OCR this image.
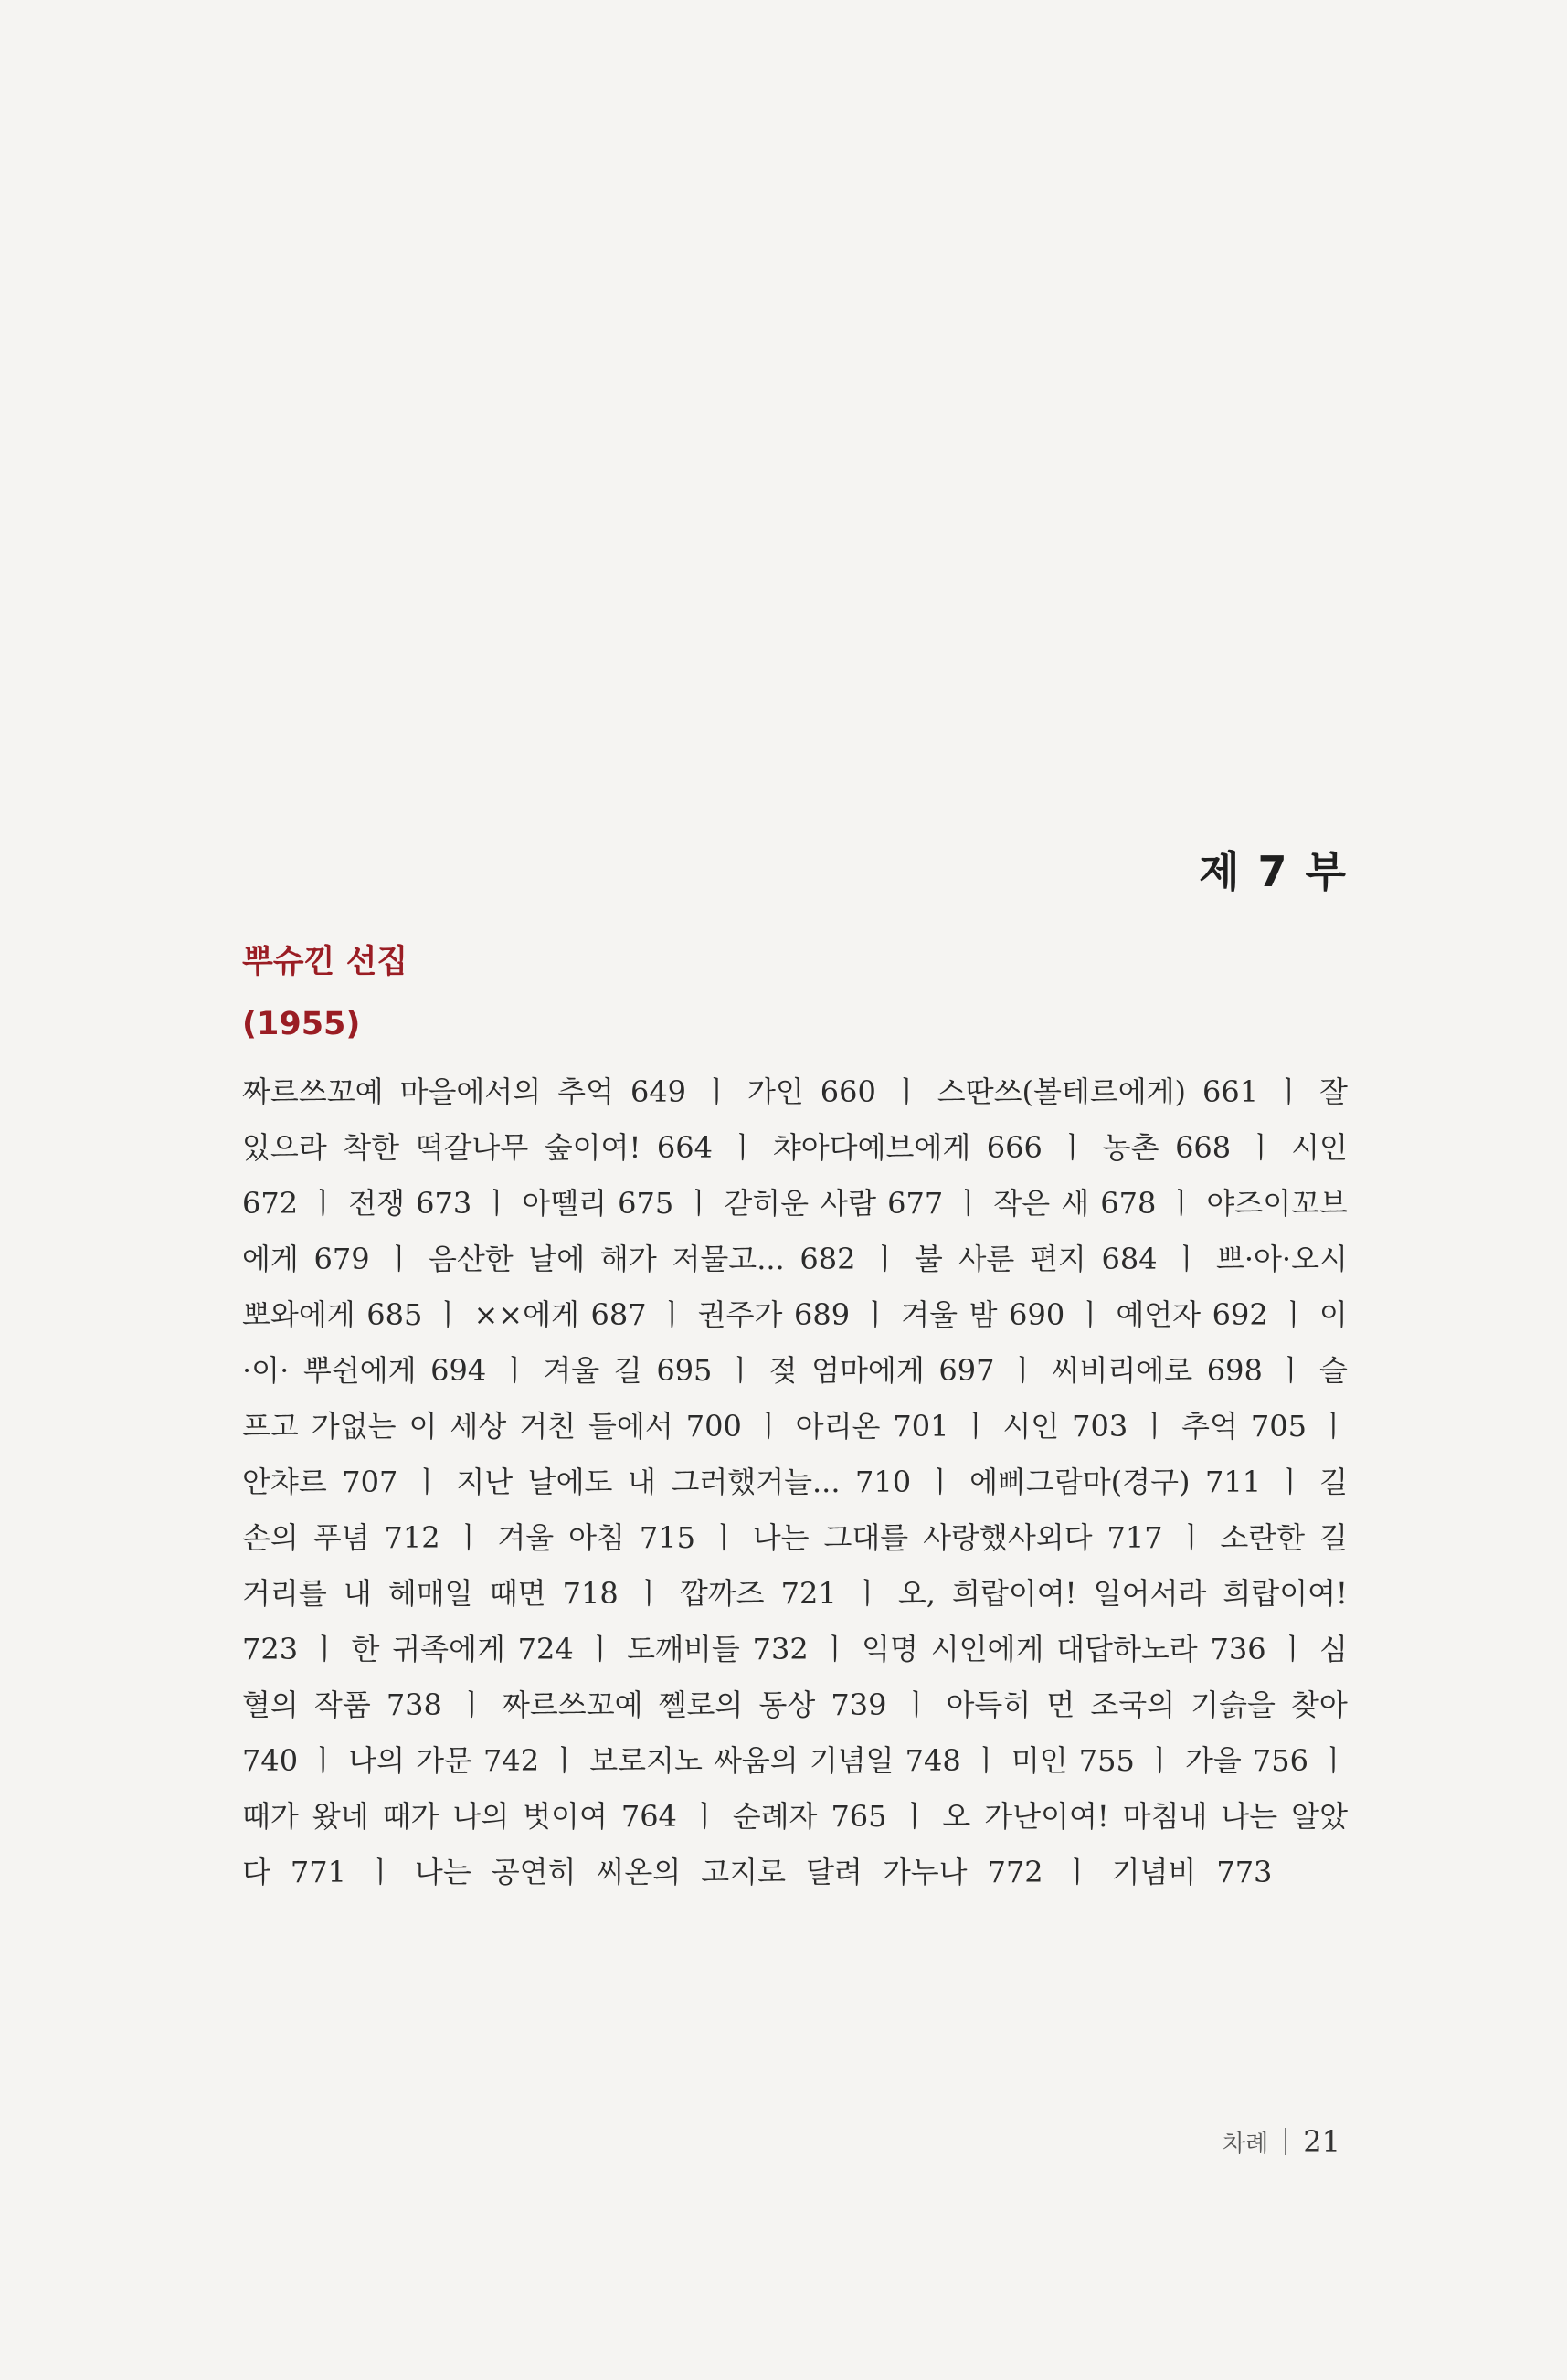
제 7 부
뿌슈낀 선집
(1955)
짜르쓰꼬예 마을에서의 추억 649 ㅣ 가인 660 ㅣ 스딴쓰(볼테르에게) 661 ㅣ 잘
있으라 착한 떡갈나무 숲이여! 664 ㅣ 챠아다예브에게 666 ㅣ 농촌 668 ㅣ 시인
672 ㅣ 전쟁 673 ㅣ 아뗄리 675 ㅣ 갇히운 사람 677 ㅣ 작은 새 678 ㅣ 야즈이꼬브
에게 679 ㅣ 음산한 날에 해가 저물고... 682 ㅣ 불 사룬 편지 684 ㅣ 쁘·아·오시
뽀와에게 685 ㅣ ××에게 687 ㅣ 권주가 689 ㅣ 겨울 밤 690 ㅣ 예언자 692 ㅣ 이
·이· 뿌쉰에게 694 ㅣ 겨울 길 695 ㅣ 젖 엄마에게 697 ㅣ 씨비리에로 698 ㅣ 슬
프고 가없는 이 세상 거친 들에서 700 ㅣ 아리온 701 ㅣ 시인 703 ㅣ 추억 705 ㅣ
안챠르 707 ㅣ 지난 날에도 내 그러했거늘... 710 ㅣ 에삐그람마(경구) 711 ㅣ 길
손의 푸념 712 ㅣ 겨울 아침 715 ㅣ 나는 그대를 사랑했사외다 717 ㅣ 소란한 길
거리를 내 헤매일 때면 718 ㅣ 깝까즈 721 ㅣ 오, 희랍이여! 일어서라 희랍이여!
723 ㅣ 한 귀족에게 724 ㅣ 도깨비들 732 ㅣ 익명 시인에게 대답하노라 736 ㅣ 심
혈의 작품 738 ㅣ 짜르쓰꼬예 쩰로의 동상 739 ㅣ 아득히 먼 조국의 기슭을 찾아
740 ㅣ 나의 가문 742 ㅣ 보로지노 싸움의 기념일 748 ㅣ 미인 755 ㅣ 가을 756 ㅣ
때가 왔네 때가 나의 벗이여 764 ㅣ 순례자 765 ㅣ 오 가난이여! 마침내 나는 알았
다 771 ㅣ 나는 공연히 씨온의 고지로 달려 가누나 772 ㅣ 기념비 773
차례 21
